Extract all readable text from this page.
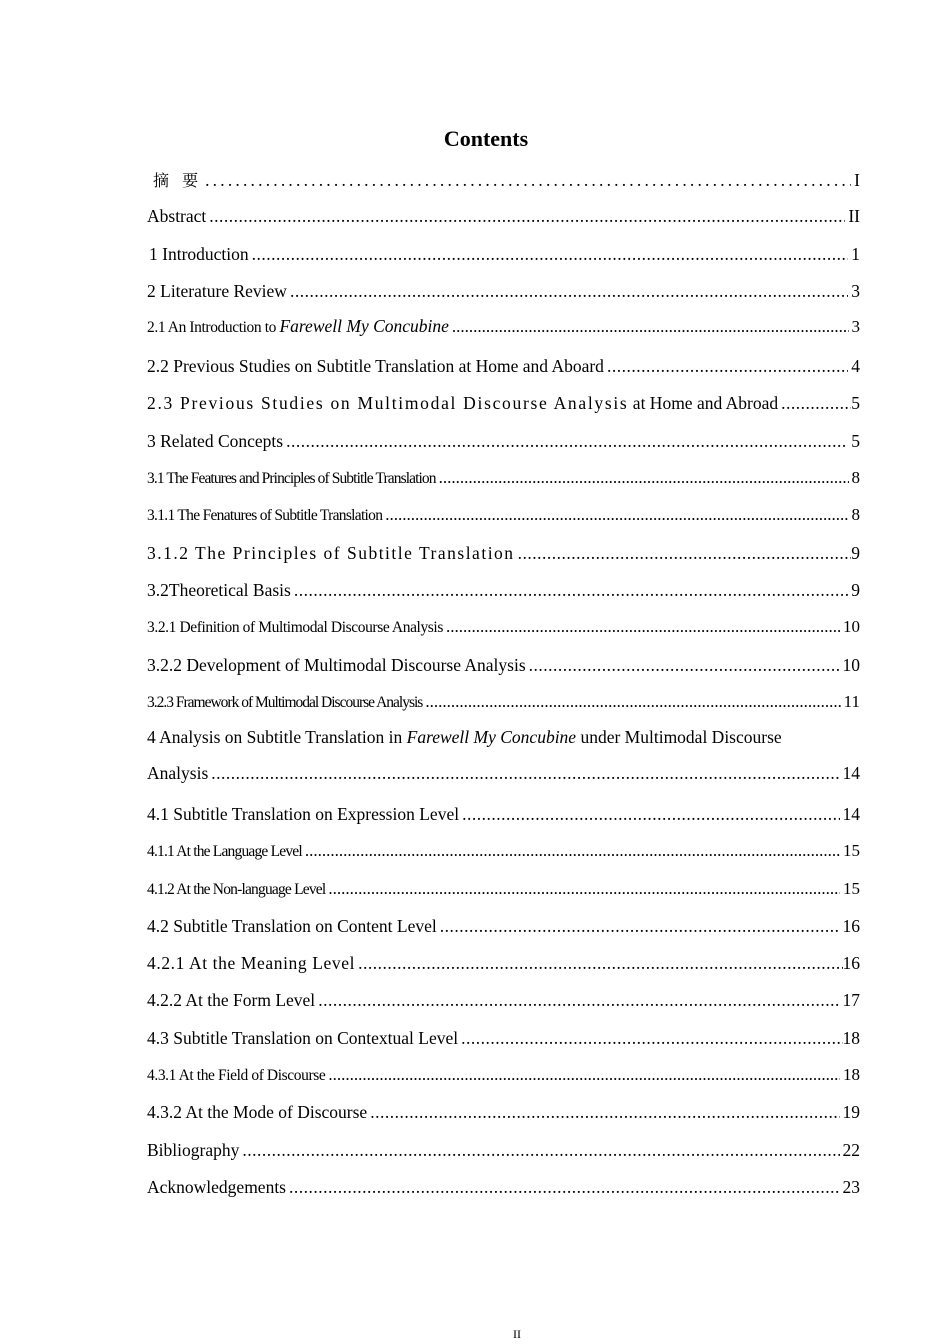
Contents
摘 要 .....	I
Abstract .....	II
1 Introduction .....	1
2 Literature Review .....	3
2.1 An Introduction to Farewell My Concubine .....	3
2.2 Previous Studies on Subtitle Translation at Home and Aboard .....	4
2.3 Previous Studies on Multimodal Discourse Analysis at Home and Abroad .....	5
3 Related Concepts .....	5
3.1 The Features and Principles of Subtitle Translation .....	8
3.1.1 The Fenatures of Subtitle Translation .....	8
3.1.2 The Principles of Subtitle Translation .....	9
3.2Theoretical Basis .....	9
3.2.1 Definition of Multimodal Discourse Analysis .....	10
3.2.2 Development of Multimodal Discourse Analysis .....	10
3.2.3 Framework of Multimodal Discourse Analysis .....	11
4 Analysis on Subtitle Translation in Farewell My Concubine under Multimodal Discourse
Analysis .....	14
4.1 Subtitle Translation on Expression Level .....	14
4.1.1 At the Language Level .....	15
4.1.2 At the Non-language Level .....	15
4.2 Subtitle Translation on Content Level .....	16
4.2.1 At the Meaning Level .....	16
4.2.2 At the Form Level .....	17
4.3 Subtitle Translation on Contextual Level .....	18
4.3.1 At the Field of Discourse .....	18
4.3.2 At the Mode of Discourse .....	19
Bibliography .....	22
Acknowledgements .....	23
II
